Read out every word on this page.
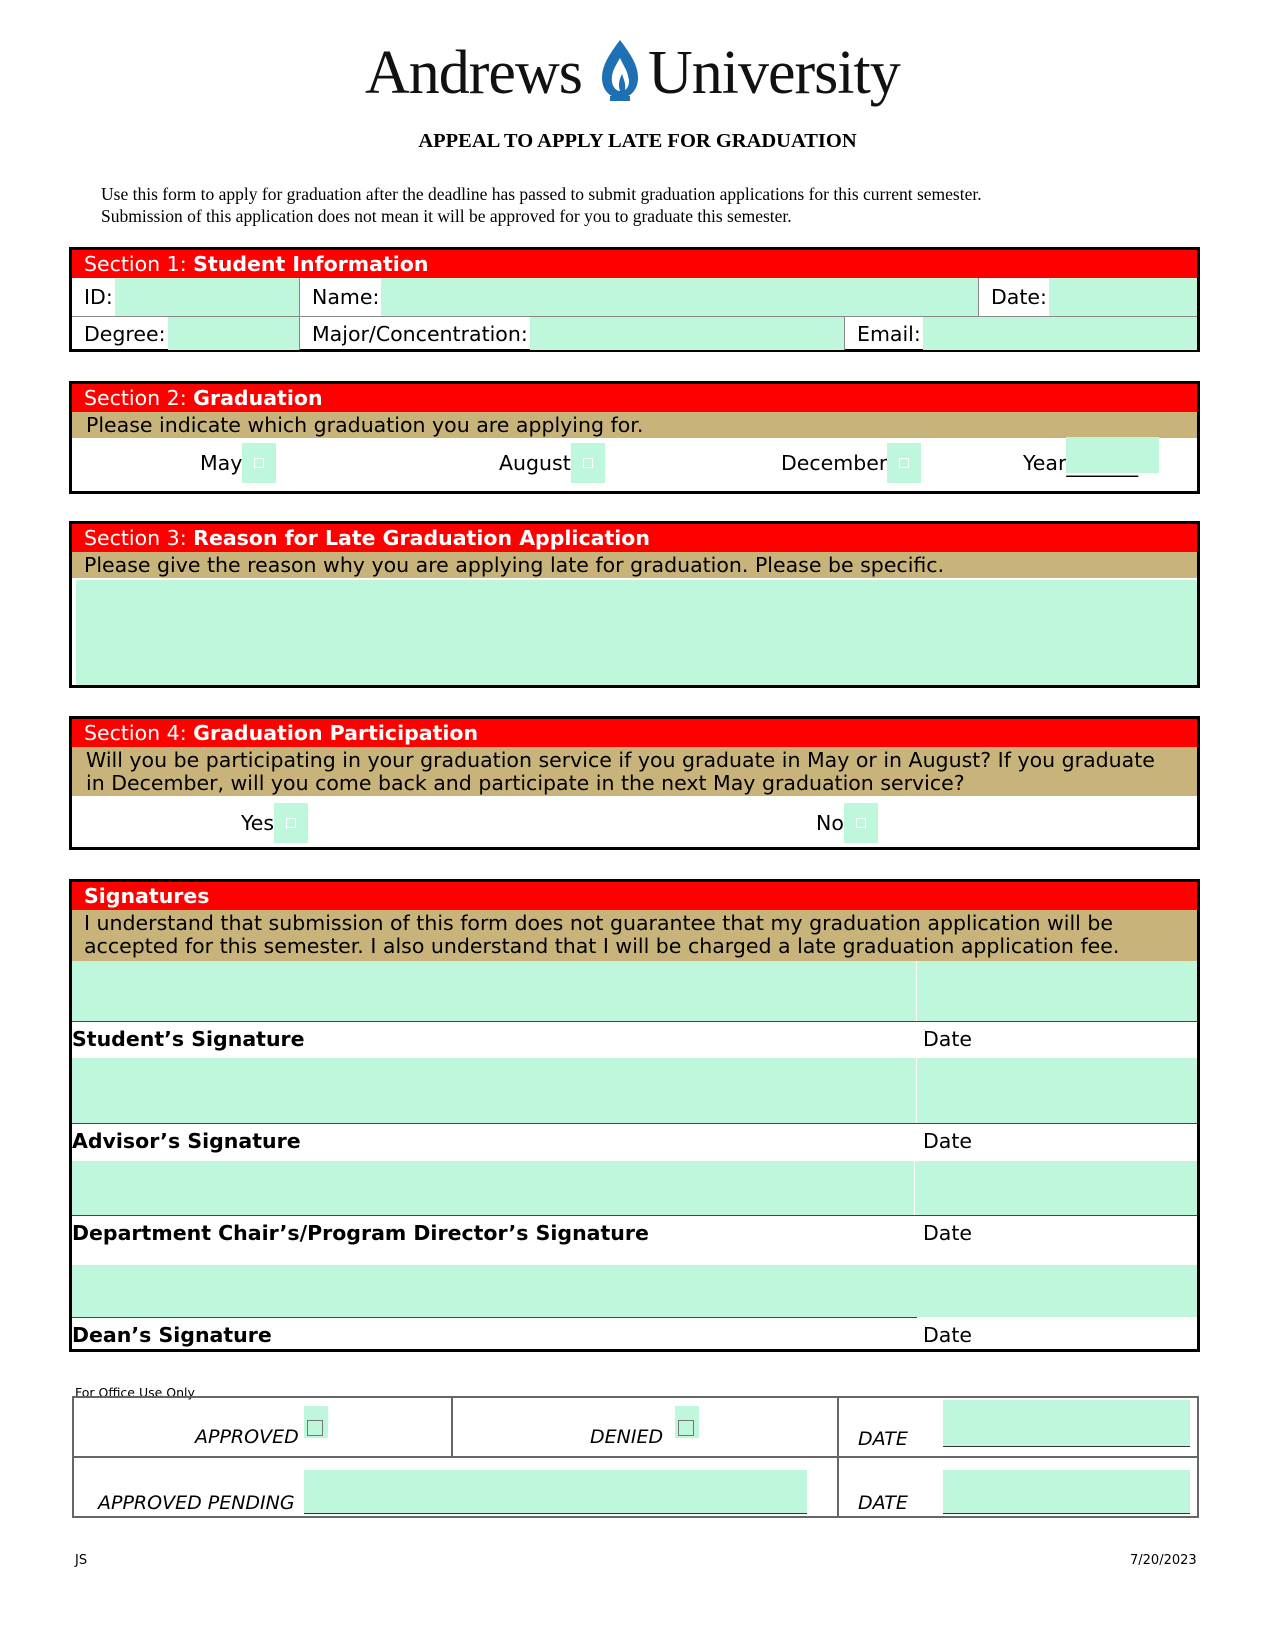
Andrews University
APPEAL TO APPLY LATE FOR GRADUATION
Use this form to apply for graduation after the deadline has passed to submit graduation applications for this current semester.
Submission of this application does not mean it will be approved for you to graduate this semester.
Section 1: Student Information
ID:	Name:	Date:
Degree:	Major/Concentration:	Email:
Section 2: Graduation
Please indicate which graduation you are applying for.
May	August	December	Year _______
Section 3: Reason for Late Graduation Application
Please give the reason why you are applying late for graduation. Please be specific.
Section 4: Graduation Participation
Will you be participating in your graduation service if you graduate in May or in August? If you graduate
in December, will you come back and participate in the next May graduation service?
Yes	No
Signatures
I understand that submission of this form does not guarantee that my graduation application will be
accepted for this semester. I also understand that I will be charged a late graduation application fee.
Student’s Signature	Date
Advisor’s Signature	Date
Department Chair’s/Program Director’s Signature	Date
Dean’s Signature	Date
For Office Use Only
APPROVED	DENIED	DATE
APPROVED PENDING	DATE
JS	7/20/2023
